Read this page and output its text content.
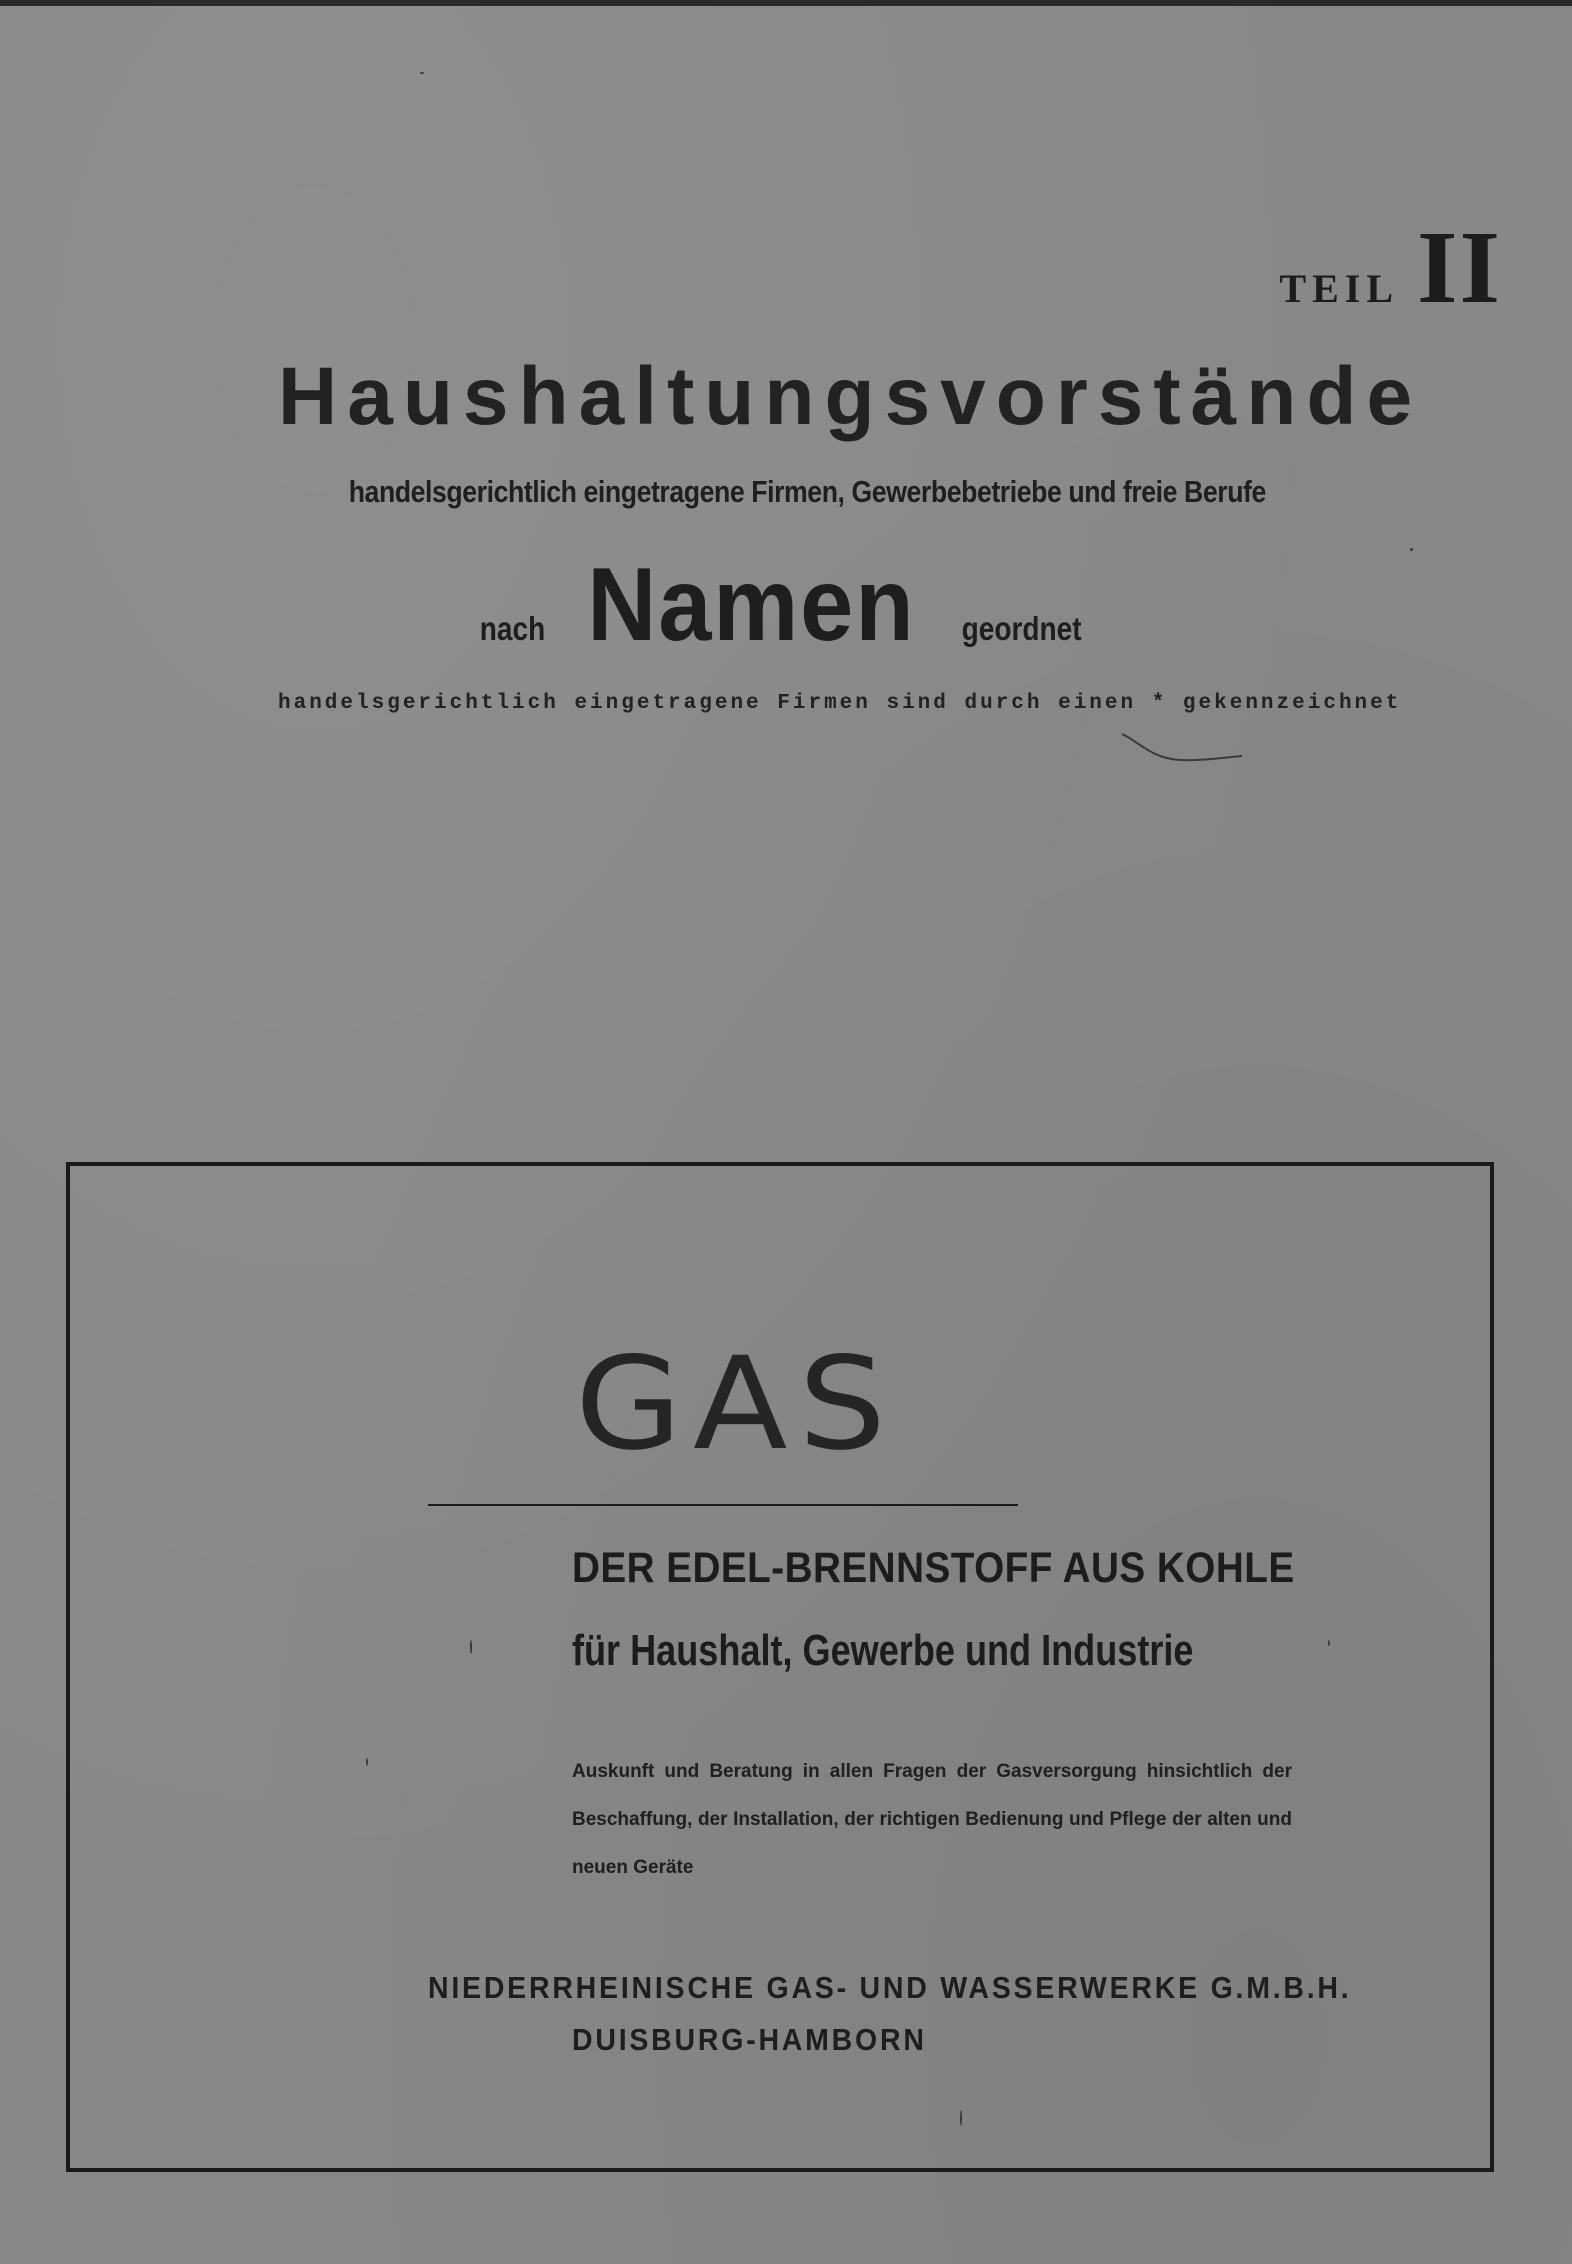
TEIL II
Haushaltungsvorstände
handelsgerichtlich eingetragene Firmen, Gewerbebetriebe und freie Berufe
nach Namen geordnet
handelsgerichtlich eingetragene Firmen sind durch einen * gekennzeichnet
GAS
DER EDEL-BRENNSTOFF AUS KOHLE
für Haushalt, Gewerbe und Industrie
Auskunft und Beratung in allen Fragen der Gasversorgung hinsichtlich der Beschaffung, der Installation, der richtigen Bedienung und Pflege der alten und neuen Geräte
NIEDERRHEINISCHE GAS- UND WASSERWERKE G.M.B.H.
DUISBURG-HAMBORN
